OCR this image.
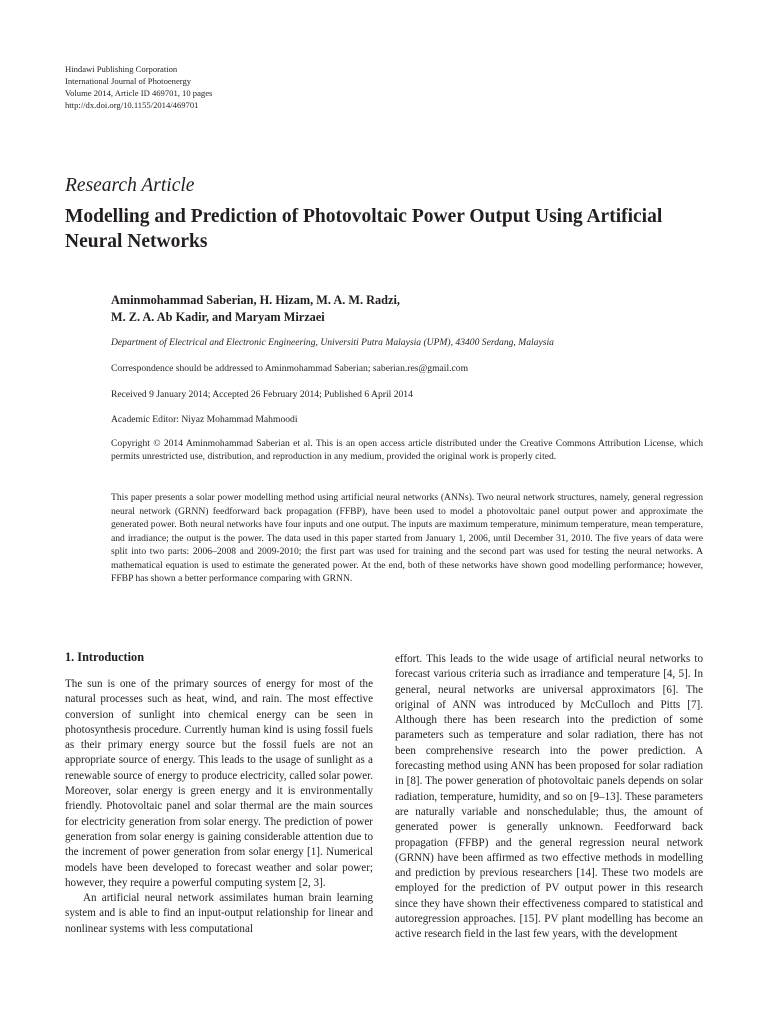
Hindawi Publishing Corporation
International Journal of Photoenergy
Volume 2014, Article ID 469701, 10 pages
http://dx.doi.org/10.1155/2014/469701
Research Article
Modelling and Prediction of Photovoltaic Power Output Using Artificial Neural Networks
Aminmohammad Saberian, H. Hizam, M. A. M. Radzi,
M. Z. A. Ab Kadir, and Maryam Mirzaei
Department of Electrical and Electronic Engineering, Universiti Putra Malaysia (UPM), 43400 Serdang, Malaysia
Correspondence should be addressed to Aminmohammad Saberian; saberian.res@gmail.com
Received 9 January 2014; Accepted 26 February 2014; Published 6 April 2014
Academic Editor: Niyaz Mohammad Mahmoodi
Copyright © 2014 Aminmohammad Saberian et al. This is an open access article distributed under the Creative Commons Attribution License, which permits unrestricted use, distribution, and reproduction in any medium, provided the original work is properly cited.
This paper presents a solar power modelling method using artificial neural networks (ANNs). Two neural network structures, namely, general regression neural network (GRNN) feedforward back propagation (FFBP), have been used to model a photovoltaic panel output power and approximate the generated power. Both neural networks have four inputs and one output. The inputs are maximum temperature, minimum temperature, mean temperature, and irradiance; the output is the power. The data used in this paper started from January 1, 2006, until December 31, 2010. The five years of data were split into two parts: 2006–2008 and 2009-2010; the first part was used for training and the second part was used for testing the neural networks. A mathematical equation is used to estimate the generated power. At the end, both of these networks have shown good modelling performance; however, FFBP has shown a better performance comparing with GRNN.
1. Introduction

The sun is one of the primary sources of energy for most of the natural processes such as heat, wind, and rain. The most effective conversion of sunlight into chemical energy can be seen in photosynthesis procedure. Currently human kind is using fossil fuels as their primary energy source but the fossil fuels are not an appropriate source of energy. This leads to the usage of sunlight as a renewable source of energy to produce electricity, called solar power. Moreover, solar energy is green energy and it is environmentally friendly. Photovoltaic panel and solar thermal are the main sources for electricity generation from solar energy. The prediction of power generation from solar energy is gaining considerable attention due to the increment of power generation from solar energy [1]. Numerical models have been developed to forecast weather and solar power; however, they require a powerful computing system [2, 3].

An artificial neural network assimilates human brain learning system and is able to find an input-output relationship for linear and nonlinear systems with less computational

effort. This leads to the wide usage of artificial neural networks to forecast various criteria such as irradiance and temperature [4, 5]. In general, neural networks are universal approximators [6]. The original of ANN was introduced by McCulloch and Pitts [7]. Although there has been research into the prediction of some parameters such as temperature and solar radiation, there has not been comprehensive research into the power prediction. A forecasting method using ANN has been proposed for solar radiation in [8]. The power generation of photovoltaic panels depends on solar radiation, temperature, humidity, and so on [9–13]. These parameters are naturally variable and nonschedulable; thus, the amount of generated power is generally unknown. Feedforward back propagation (FFBP) and the general regression neural network (GRNN) have been affirmed as two effective methods in modelling and prediction by previous researchers [14]. These two models are employed for the prediction of PV output power in this research since they have shown their effectiveness compared to statistical and autoregression approaches. [15]. PV plant modelling has become an active research field in the last few years, with the development
